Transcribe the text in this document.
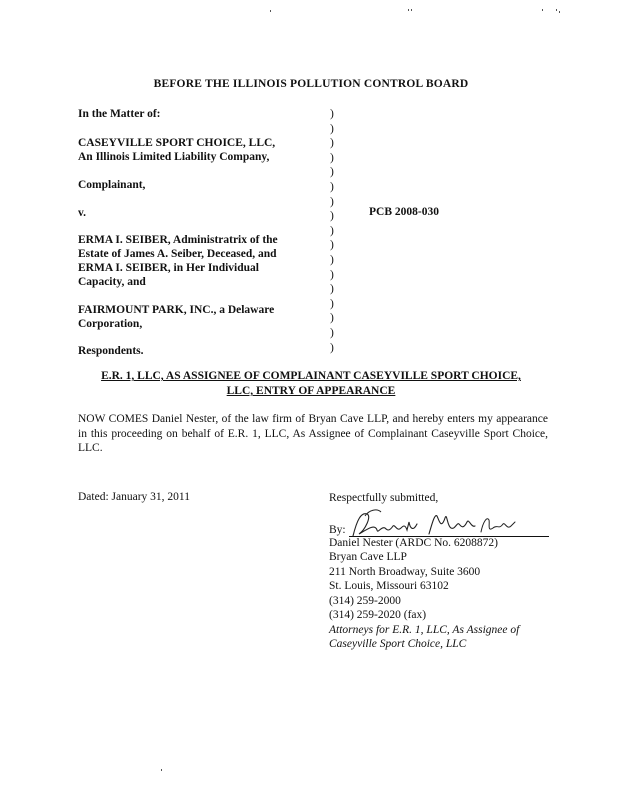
BEFORE THE ILLINOIS POLLUTION CONTROL BOARD
In the Matter of:
CASEYVILLE SPORT CHOICE, LLC,
An Illinois Limited Liability Company,
Complainant,
v.
ERMA I. SEIBER, Administratrix of the
Estate of James A. Seiber, Deceased, and
ERMA I. SEIBER, in Her Individual
Capacity, and
FAIRMOUNT PARK, INC., a Delaware
Corporation,
Respondents.
)
)
)
)
)
)
)
)
)
)
)
)
)
)
)
)
)
PCB 2008-030
E.R. 1, LLC, AS ASSIGNEE OF COMPLAINANT CASEYVILLE SPORT CHOICE,
LLC, ENTRY OF APPEARANCE
NOW COMES Daniel Nester, of the law firm of Bryan Cave LLP, and hereby enters my appearance in this proceeding on behalf of E.R. 1, LLC, As Assignee of Complainant Caseyville Sport Choice, LLC.
Dated: January 31, 2011	Respectfully submitted,
By:
Daniel Nester (ARDC No. 6208872)
Bryan Cave LLP
211 North Broadway, Suite 3600
St. Louis, Missouri 63102
(314) 259-2000
(314) 259-2020 (fax)
Attorneys for E.R. 1, LLC, As Assignee of
Caseyville Sport Choice, LLC
